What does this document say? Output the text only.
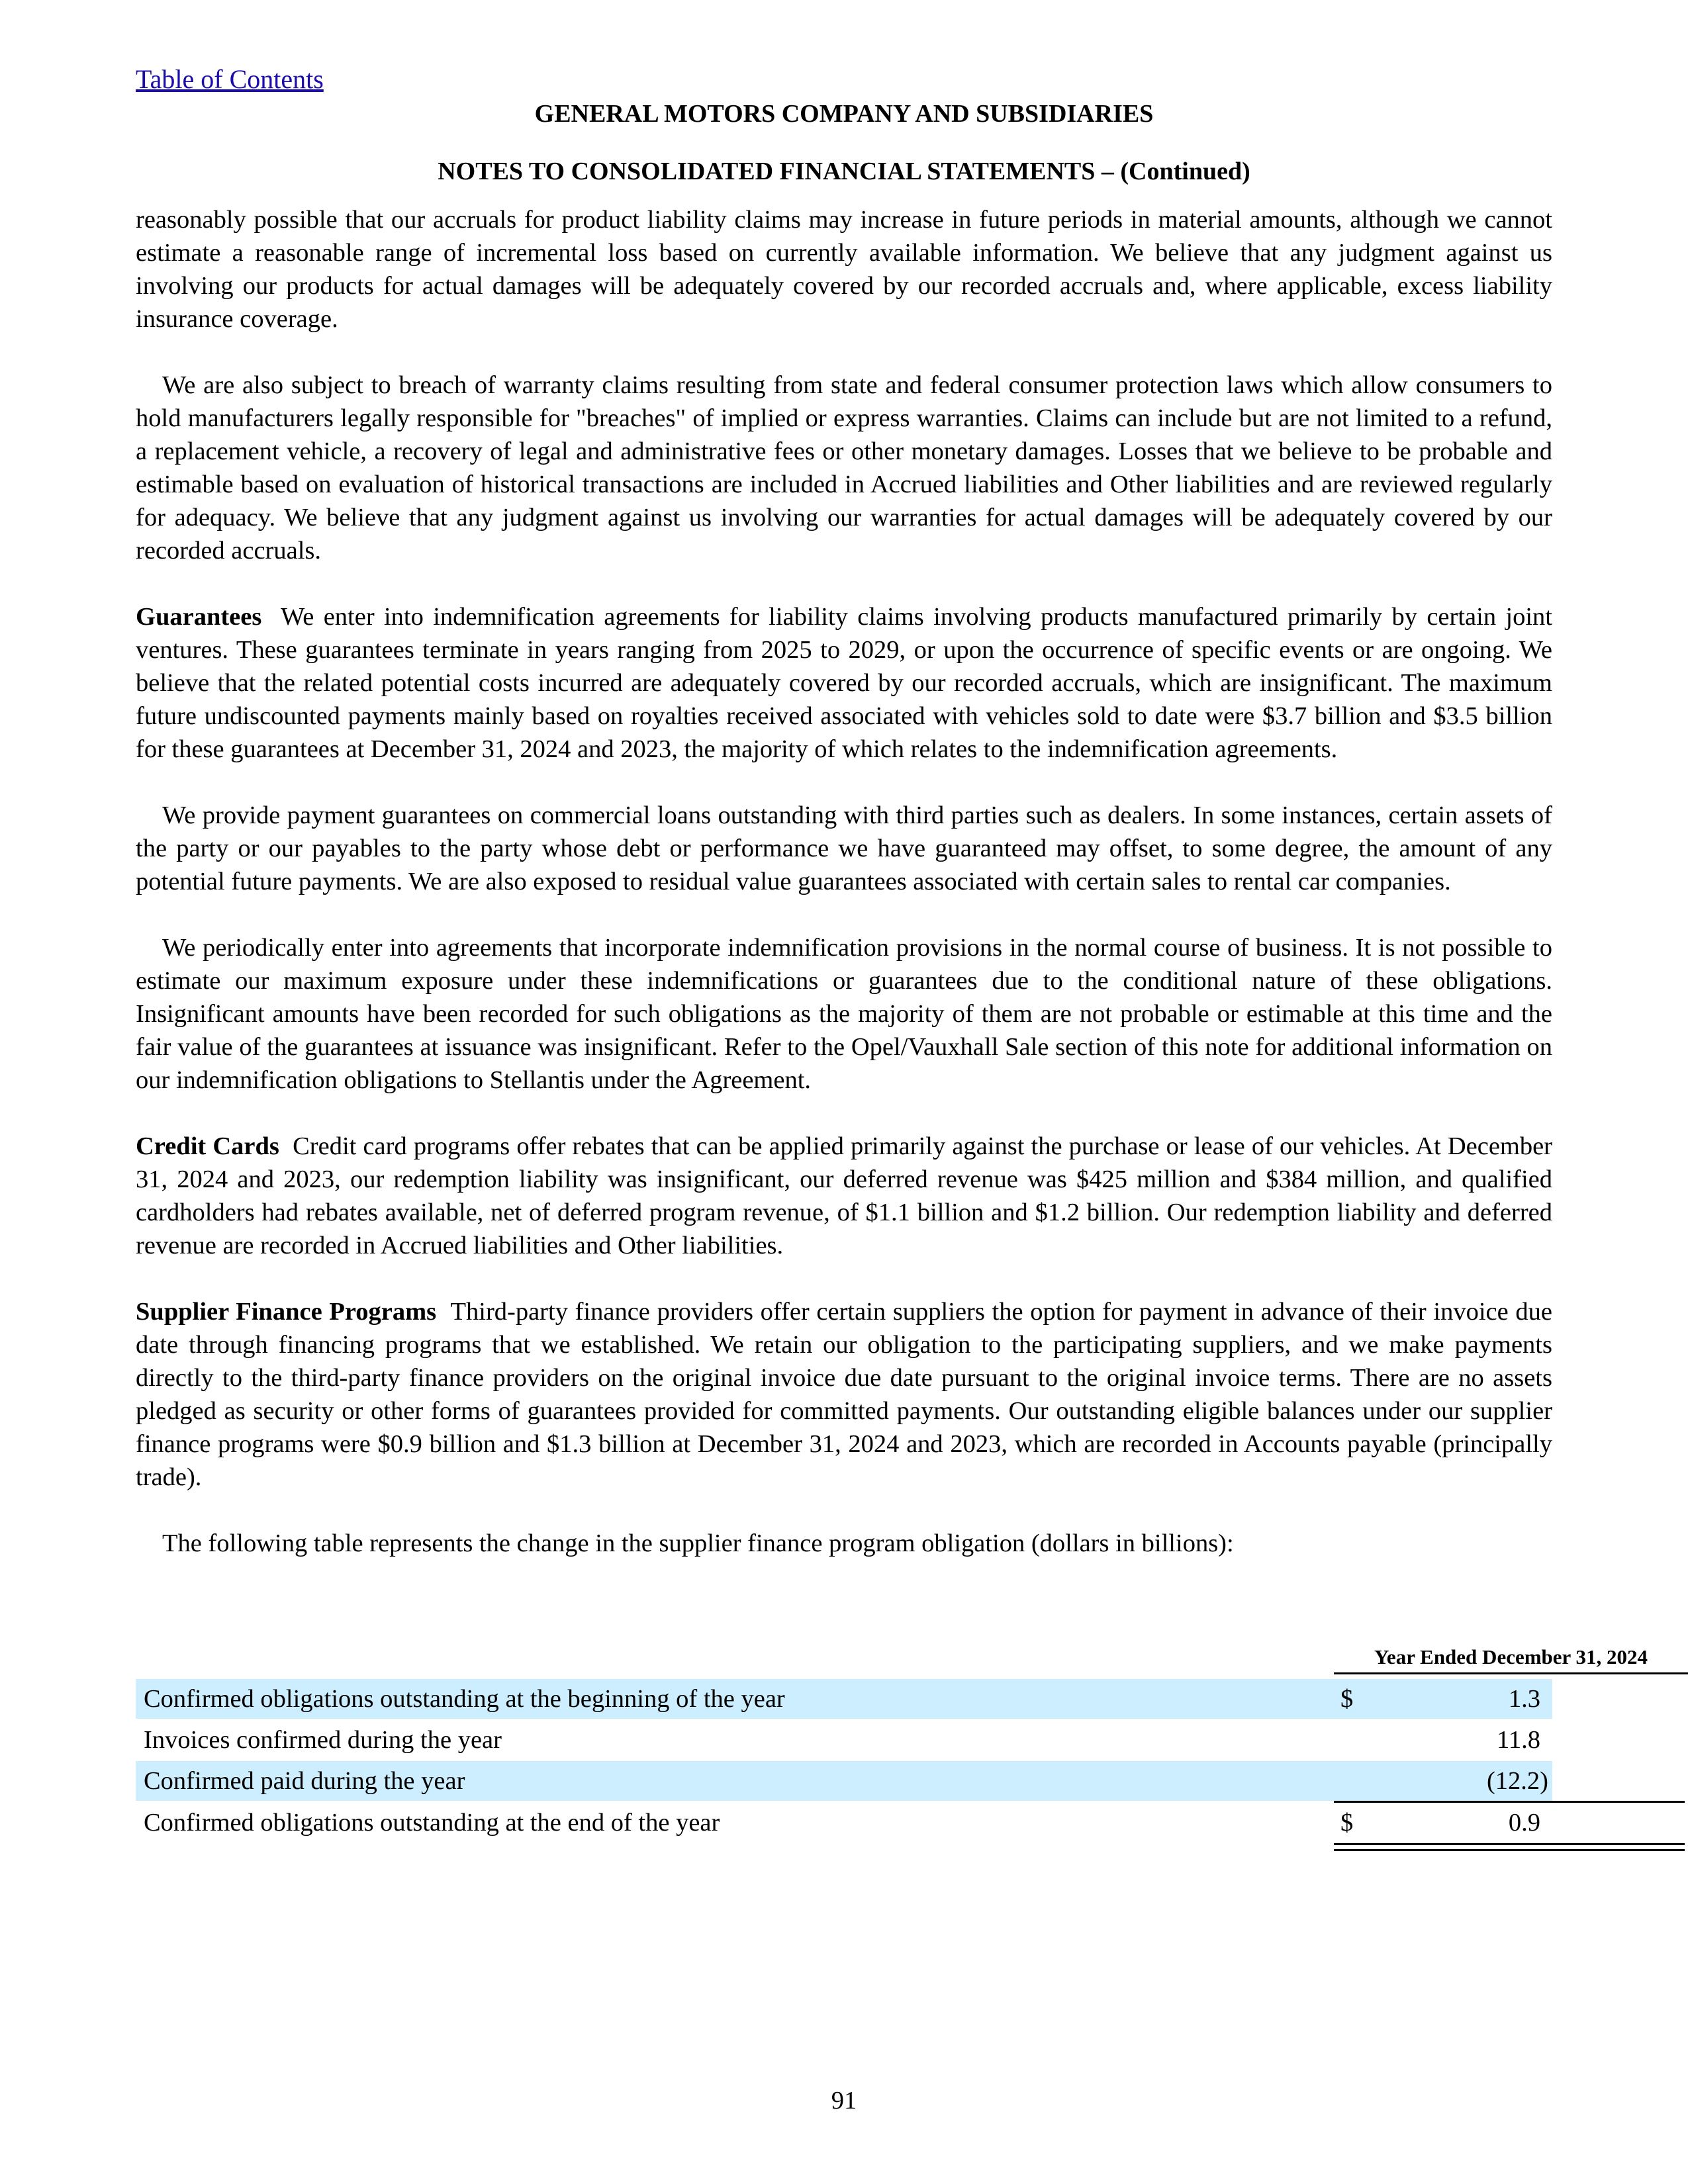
Table of Contents
GENERAL MOTORS COMPANY AND SUBSIDIARIES
NOTES TO CONSOLIDATED FINANCIAL STATEMENTS – (Continued)

reasonably possible that our accruals for product liability claims may increase in future periods in material amounts, although we cannot estimate a reasonable range of incremental loss based on currently available information. We believe that any judgment against us involving our products for actual damages will be adequately covered by our recorded accruals and, where applicable, excess liability insurance coverage.

We are also subject to breach of warranty claims resulting from state and federal consumer protection laws which allow consumers to hold manufacturers legally responsible for "breaches" of implied or express warranties. Claims can include but are not limited to a refund, a replacement vehicle, a recovery of legal and administrative fees or other monetary damages. Losses that we believe to be probable and estimable based on evaluation of historical transactions are included in Accrued liabilities and Other liabilities and are reviewed regularly for adequacy. We believe that any judgment against us involving our warranties for actual damages will be adequately covered by our recorded accruals.

Guarantees We enter into indemnification agreements for liability claims involving products manufactured primarily by certain joint ventures. These guarantees terminate in years ranging from 2025 to 2029, or upon the occurrence of specific events or are ongoing. We believe that the related potential costs incurred are adequately covered by our recorded accruals, which are insignificant. The maximum future undiscounted payments mainly based on royalties received associated with vehicles sold to date were $3.7 billion and $3.5 billion for these guarantees at December 31, 2024 and 2023, the majority of which relates to the indemnification agreements.

We provide payment guarantees on commercial loans outstanding with third parties such as dealers. In some instances, certain assets of the party or our payables to the party whose debt or performance we have guaranteed may offset, to some degree, the amount of any potential future payments. We are also exposed to residual value guarantees associated with certain sales to rental car companies.

We periodically enter into agreements that incorporate indemnification provisions in the normal course of business. It is not possible to estimate our maximum exposure under these indemnifications or guarantees due to the conditional nature of these obligations. Insignificant amounts have been recorded for such obligations as the majority of them are not probable or estimable at this time and the fair value of the guarantees at issuance was insignificant. Refer to the Opel/Vauxhall Sale section of this note for additional information on our indemnification obligations to Stellantis under the Agreement.

Credit Cards Credit card programs offer rebates that can be applied primarily against the purchase or lease of our vehicles. At December 31, 2024 and 2023, our redemption liability was insignificant, our deferred revenue was $425 million and $384 million, and qualified cardholders had rebates available, net of deferred program revenue, of $1.1 billion and $1.2 billion. Our redemption liability and deferred revenue are recorded in Accrued liabilities and Other liabilities.

Supplier Finance Programs Third-party finance providers offer certain suppliers the option for payment in advance of their invoice due date through financing programs that we established. We retain our obligation to the participating suppliers, and we make payments directly to the third-party finance providers on the original invoice due date pursuant to the original invoice terms. There are no assets pledged as security or other forms of guarantees provided for committed payments. Our outstanding eligible balances under our supplier finance programs were $0.9 billion and $1.3 billion at December 31, 2024 and 2023, which are recorded in Accounts payable (principally trade).

The following table represents the change in the supplier finance program obligation (dollars in billions):

Year Ended December 31, 2024
Confirmed obligations outstanding at the beginning of the year	$	1.3
Invoices confirmed during the year	11.8
Confirmed paid during the year	(12.2)
Confirmed obligations outstanding at the end of the year	$	0.9
91
